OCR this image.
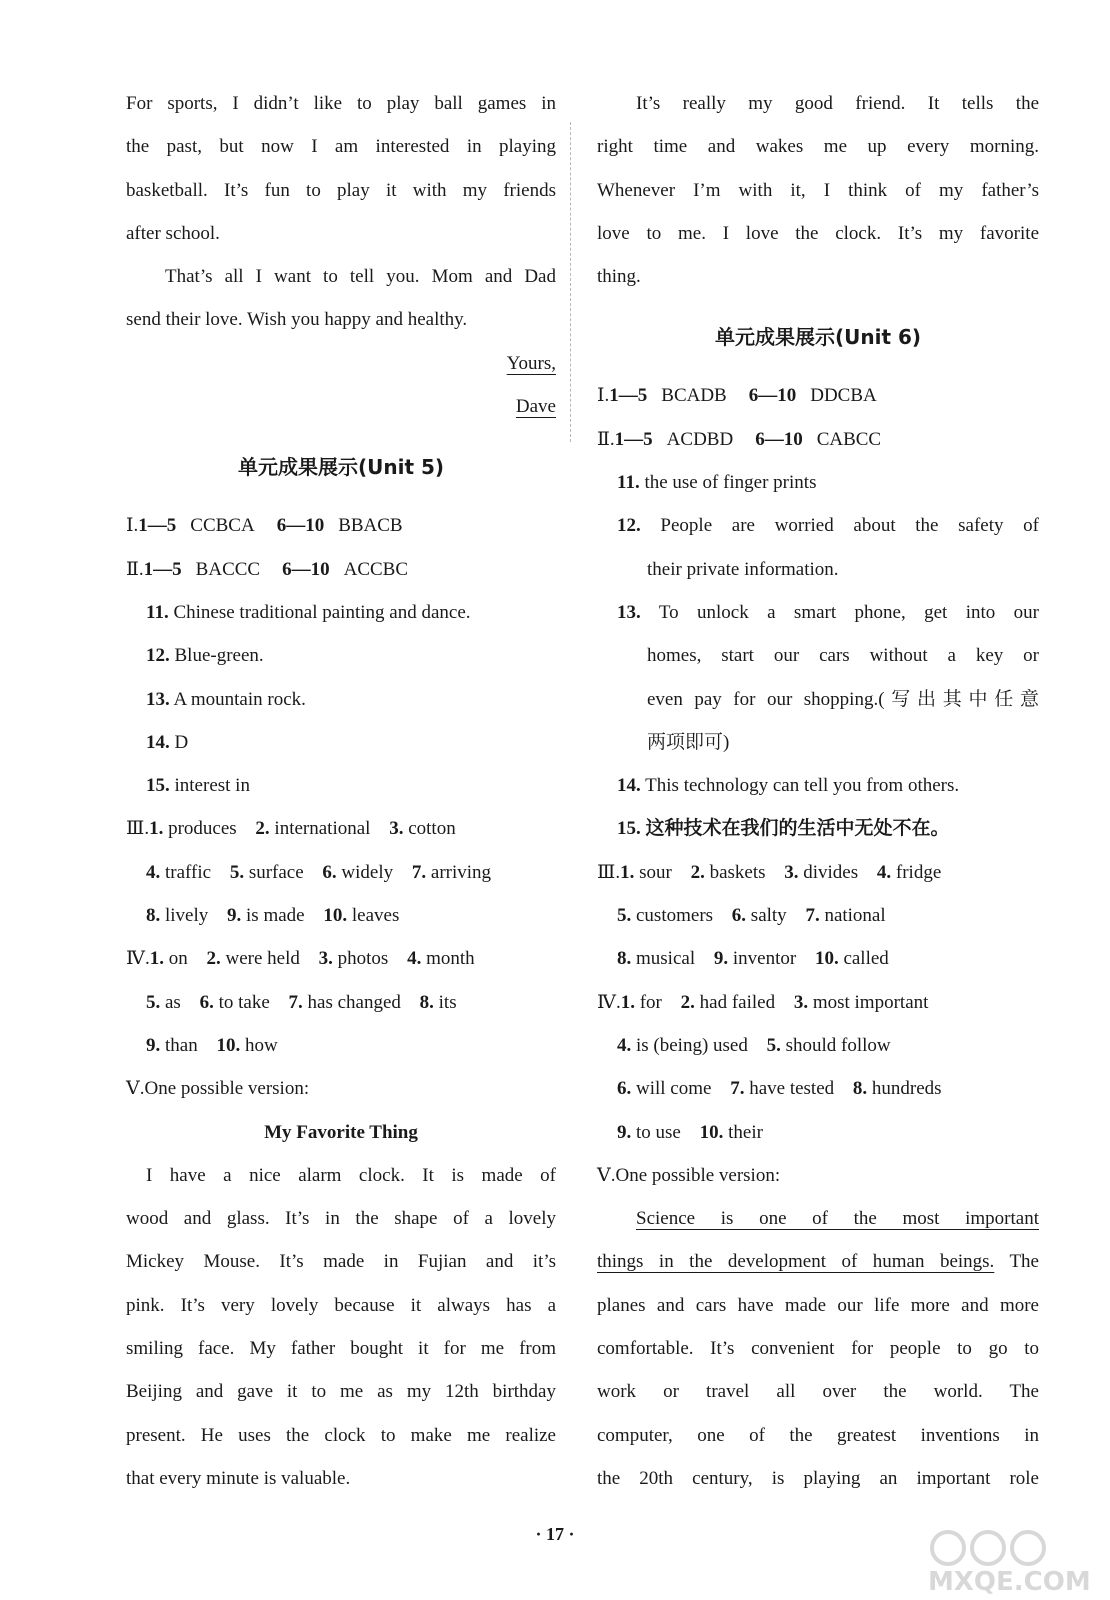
For sports, I didn’t like to play ball games in
the past, but now I am interested in playing
basketball. It’s fun to play it with my friends
after school.
That’s all I want to tell you. Mom and Dad
send their love. Wish you happy and healthy.
Yours,
Dave
单元成果展示(Unit 5)
Ⅰ.1—5 CCBCA 6—10 BBACB
Ⅱ.1—5 BACCC 6—10 ACCBC
11. Chinese traditional painting and dance.
12. Blue-green.
13. A mountain rock.
14. D
15. interest in
Ⅲ.1. produces 2. international 3. cotton
4. traffic 5. surface 6. widely 7. arriving
8. lively 9. is made 10. leaves
Ⅳ.1. on 2. were held 3. photos 4. month
5. as 6. to take 7. has changed 8. its
9. than 10. how
Ⅴ.One possible version:
My Favorite Thing
I have a nice alarm clock. It is made of
wood and glass. It’s in the shape of a lovely
Mickey Mouse. It’s made in Fujian and it’s
pink. It’s very lovely because it always has a
smiling face. My father bought it for me from
Beijing and gave it to me as my 12th birthday
present. He uses the clock to make me realize
that every minute is valuable.
It’s really my good friend. It tells the
right time and wakes me up every morning.
Whenever I’m with it, I think of my father’s
love to me. I love the clock. It’s my favorite
thing.
单元成果展示(Unit 6)
Ⅰ.1—5 BCADB 6—10 DDCBA
Ⅱ.1—5 ACDBD 6—10 CABCC
11. the use of finger prints
12. People are worried about the safety of
their private information.
13. To unlock a smart phone, get into our
homes, start our cars without a key or
even pay for our shopping.(写出其中任意
两项即可)
14. This technology can tell you from others.
15. 这种技术在我们的生活中无处不在。
Ⅲ.1. sour 2. baskets 3. divides 4. fridge
5. customers 6. salty 7. national
8. musical 9. inventor 10. called
Ⅳ.1. for 2. had failed 3. most important
4. is (being) used 5. should follow
6. will come 7. have tested 8. hundreds
9. to use 10. their
Ⅴ.One possible version:
Science is one of the most important
things in the development of human beings. The
planes and cars have made our life more and more
comfortable. It’s convenient for people to go to
work or travel all over the world. The
computer, one of the greatest inventions in
the 20th century, is playing an important role
· 17 ·
MXQE.COM
